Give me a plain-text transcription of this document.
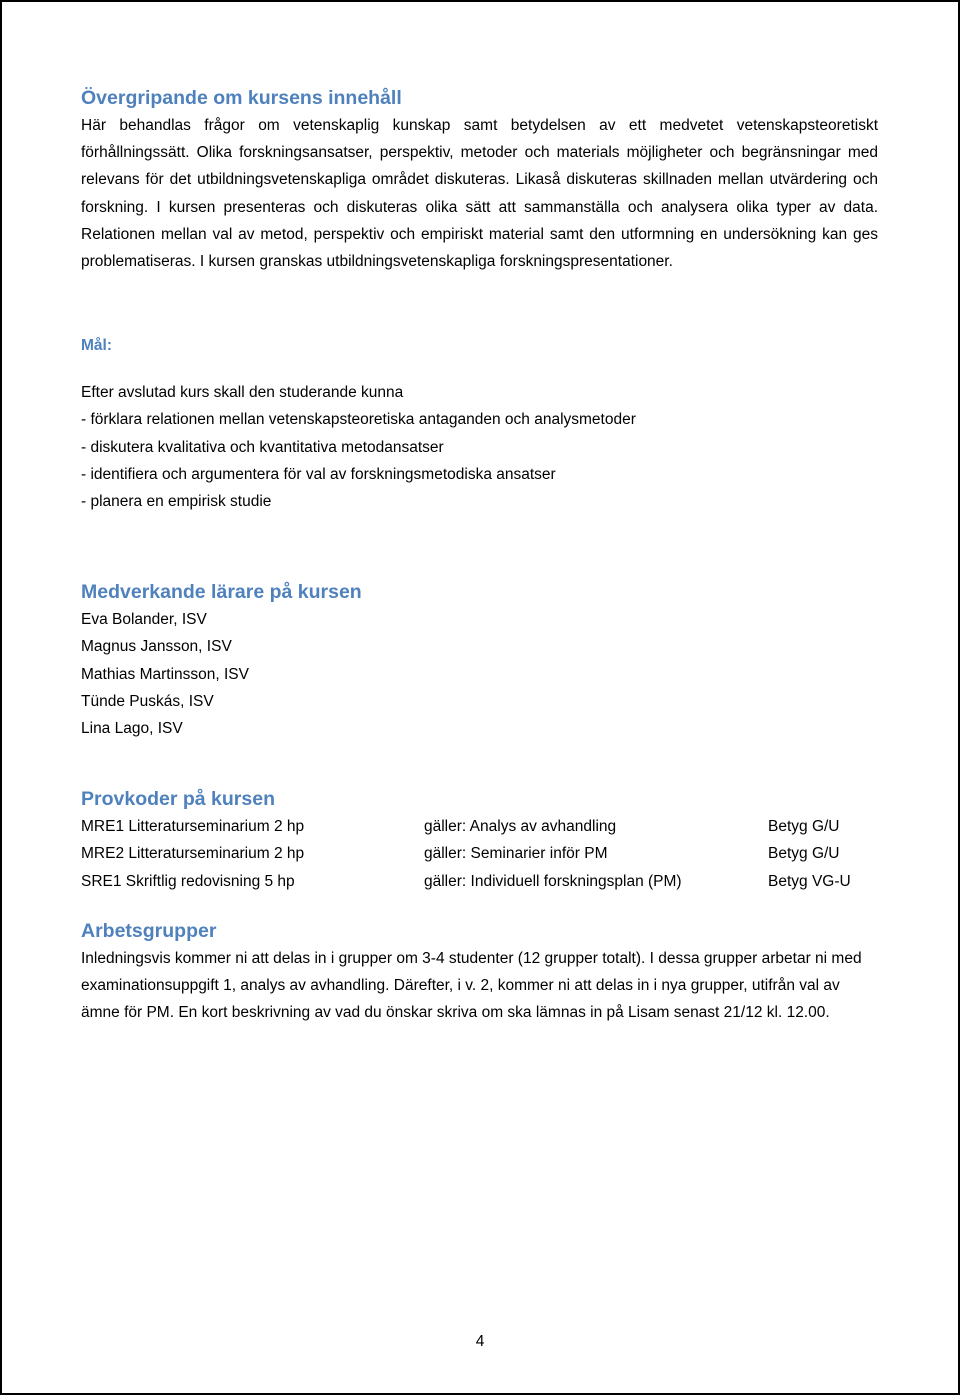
Övergripande om kursens innehåll

Här behandlas frågor om vetenskaplig kunskap samt betydelsen av ett medvetet vetenskapsteoretiskt förhållningssätt. Olika forskningsansatser, perspektiv, metoder och materials möjligheter och begränsningar med relevans för det utbildningsvetenskapliga området diskuteras. Likaså diskuteras skillnaden mellan utvärdering och forskning. I kursen presenteras och diskuteras olika sätt att sammanställa och analysera olika typer av data. Relationen mellan val av metod, perspektiv och empiriskt material samt den utformning en undersökning kan ges problematiseras. I kursen granskas utbildningsvetenskapliga forskningspresentationer.

Mål:

Efter avslutad kurs skall den studerande kunna

- förklara relationen mellan vetenskapsteoretiska antaganden och analysmetoder

- diskutera kvalitativa och kvantitativa metodansatser

- identifiera och argumentera för val av forskningsmetodiska ansatser

- planera en empirisk studie

Medverkande lärare på kursen

Eva Bolander, ISV

Magnus Jansson, ISV

Mathias Martinsson, ISV

Tünde Puskás, ISV

Lina Lago, ISV

Provkoder på kursen
MRE1 Litteraturseminarium 2 hp	gäller: Analys av avhandling	Betyg G/U
MRE2 Litteraturseminarium 2 hp	gäller: Seminarier inför PM	Betyg G/U
SRE1 Skriftlig redovisning 5 hp	gäller: Individuell forskningsplan (PM)	Betyg VG-U
Arbetsgrupper

Inledningsvis kommer ni att delas in i grupper om 3-4 studenter (12 grupper totalt). I dessa grupper arbetar ni med examinationsuppgift 1, analys av avhandling. Därefter, i v. 2, kommer ni att delas in i nya grupper, utifrån val av ämne för PM. En kort beskrivning av vad du önskar skriva om ska lämnas in på Lisam senast 21/12 kl. 12.00.

4
